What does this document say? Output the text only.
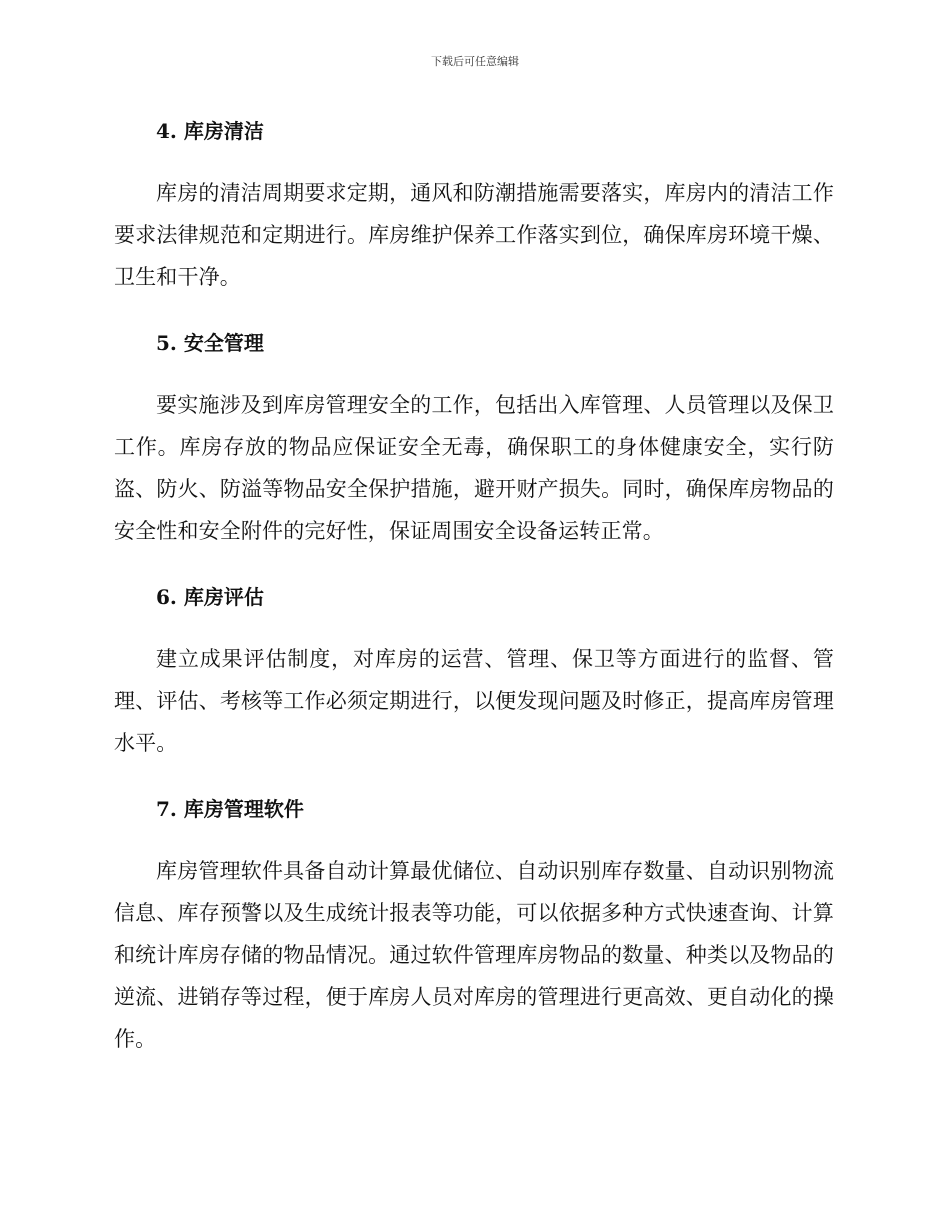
下载后可任意编辑
4. 库房清洁

库房的清洁周期要求定期，通风和防潮措施需要落实，库房内的清洁工作要求法律规范和定期进行。库房维护保养工作落实到位，确保库房环境干燥、卫生和干净。

5. 安全管理

要实施涉及到库房管理安全的工作，包括出入库管理、人员管理以及保卫工作。库房存放的物品应保证安全无毒，确保职工的身体健康安全，实行防盗、防火、防溢等物品安全保护措施，避开财产损失。同时，确保库房物品的安全性和安全附件的完好性，保证周围安全设备运转正常。

6. 库房评估

建立成果评估制度，对库房的运营、管理、保卫等方面进行的监督、管理、评估、考核等工作必须定期进行，以便发现问题及时修正，提高库房管理水平。

7. 库房管理软件

库房管理软件具备自动计算最优储位、自动识别库存数量、自动识别物流信息、库存预警以及生成统计报表等功能，可以依据多种方式快速查询、计算和统计库房存储的物品情况。通过软件管理库房物品的数量、种类以及物品的逆流、进销存等过程，便于库房人员对库房的管理进行更高效、更自动化的操作。
